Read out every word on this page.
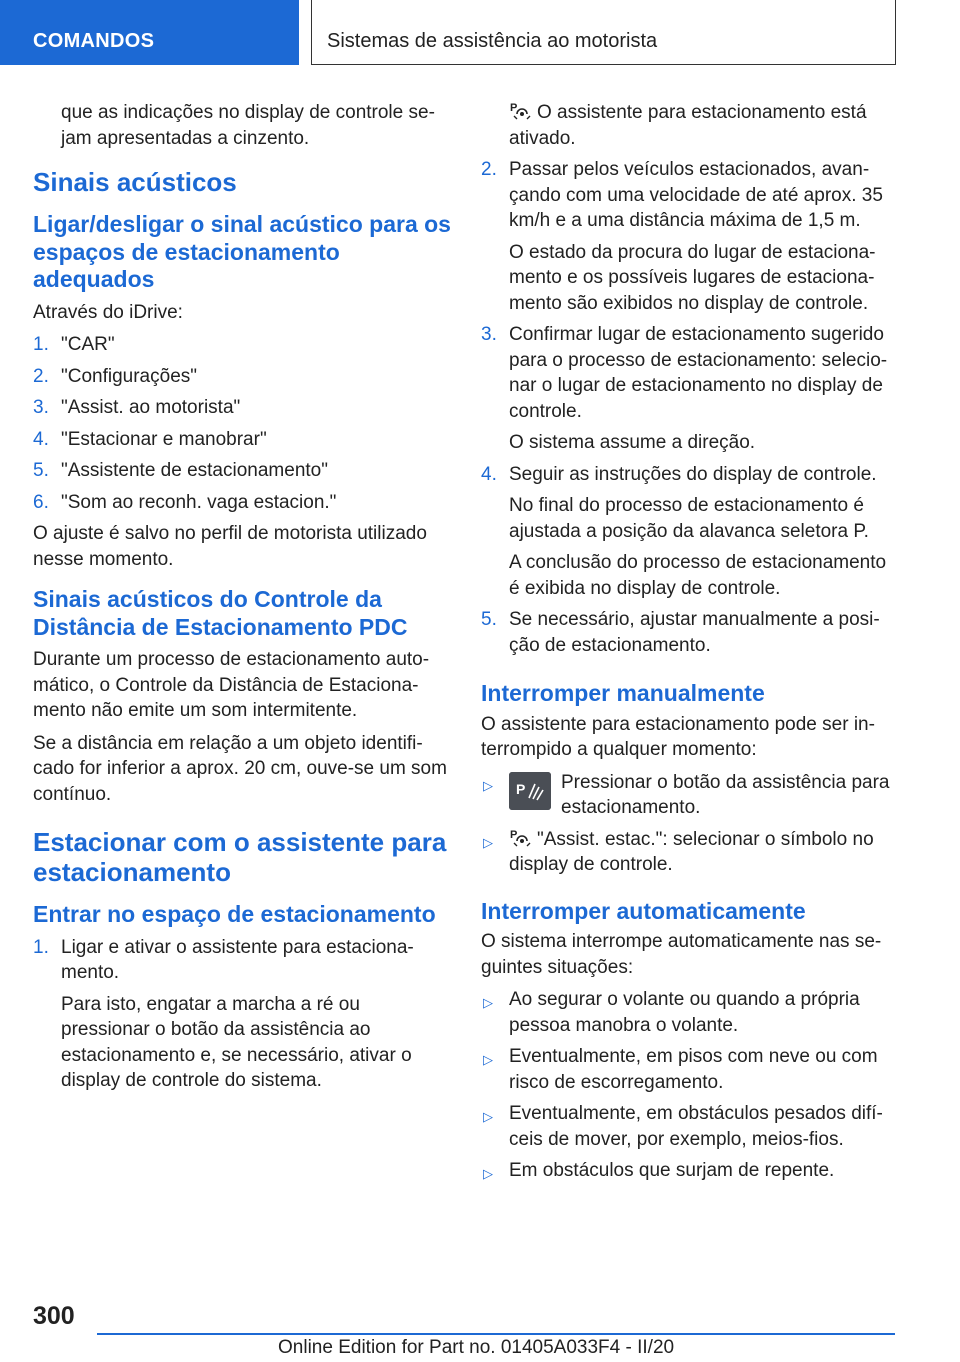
COMANDOS	Sistemas de assistência ao motorista

que as indicações no display de controle se-jam apresentadas a cinzento.

Sinais acústicos
Ligar/desligar o sinal acústico para os espaços de estacionamento adequados

Através do iDrive:

1. "CAR"
2. "Configurações"
3. "Assist. ao motorista"
4. "Estacionar e manobrar"
5. "Assistente de estacionamento"
6. "Som ao reconh. vaga estacion."

O ajuste é salvo no perfil de motorista utilizado nesse momento.

Sinais acústicos do Controle da Distância de Estacionamento PDC

Durante um processo de estacionamento auto-mático, o Controle da Distância de Estaciona-mento não emite um som intermitente.

Se a distância em relação a um objeto identifi-cado for inferior a aprox. 20 cm, ouve-se um som contínuo.

Estacionar com o assistente para estacionamento
Entrar no espaço de estacionamento
1. Ligar e ativar o assistente para estaciona-mento.
Para isto, engatar a marcha a ré ou pressionar o botão da assistência ao estacionamento e, se necessário, ativar o display de controle do sistema.
P O assistente para estacionamento está ativado.
2. Passar pelos veículos estacionados, avan-çando com uma velocidade de até aprox. 35 km/h e a uma distância máxima de 1,5 m.
O estado da procura do lugar de estaciona-mento e os possíveis lugares de estaciona-mento são exibidos no display de controle.
3. Confirmar lugar de estacionamento sugerido para o processo de estacionamento: selecio-nar o lugar de estacionamento no display de controle.
O sistema assume a direção.
4. Seguir as instruções do display de controle.
No final do processo de estacionamento é ajustada a posição da alavanca seletora P.
A conclusão do processo de estacionamento é exibida no display de controle.
5. Se necessário, ajustar manualmente a posi-ção de estacionamento.
Interromper manualmente

O assistente para estacionamento pode ser in-terrompido a qualquer momento:

▷ P	Pressionar o botão da assistência para estacionamento.
▷ P "Assist. estac.": selecionar o símbolo no display de controle.
Interromper automaticamente

O sistema interrompe automaticamente nas se-guintes situações:

▷ Ao segurar o volante ou quando a própria pessoa manobra o volante.
▷ Eventualmente, em pisos com neve ou com risco de escorregamento.
▷ Eventualmente, em obstáculos pesados difí-ceis de mover, por exemplo, meios-fios.
▷ Em obstáculos que surjam de repente.
300
Online Edition for Part no. 01405A033F4 - II/20
